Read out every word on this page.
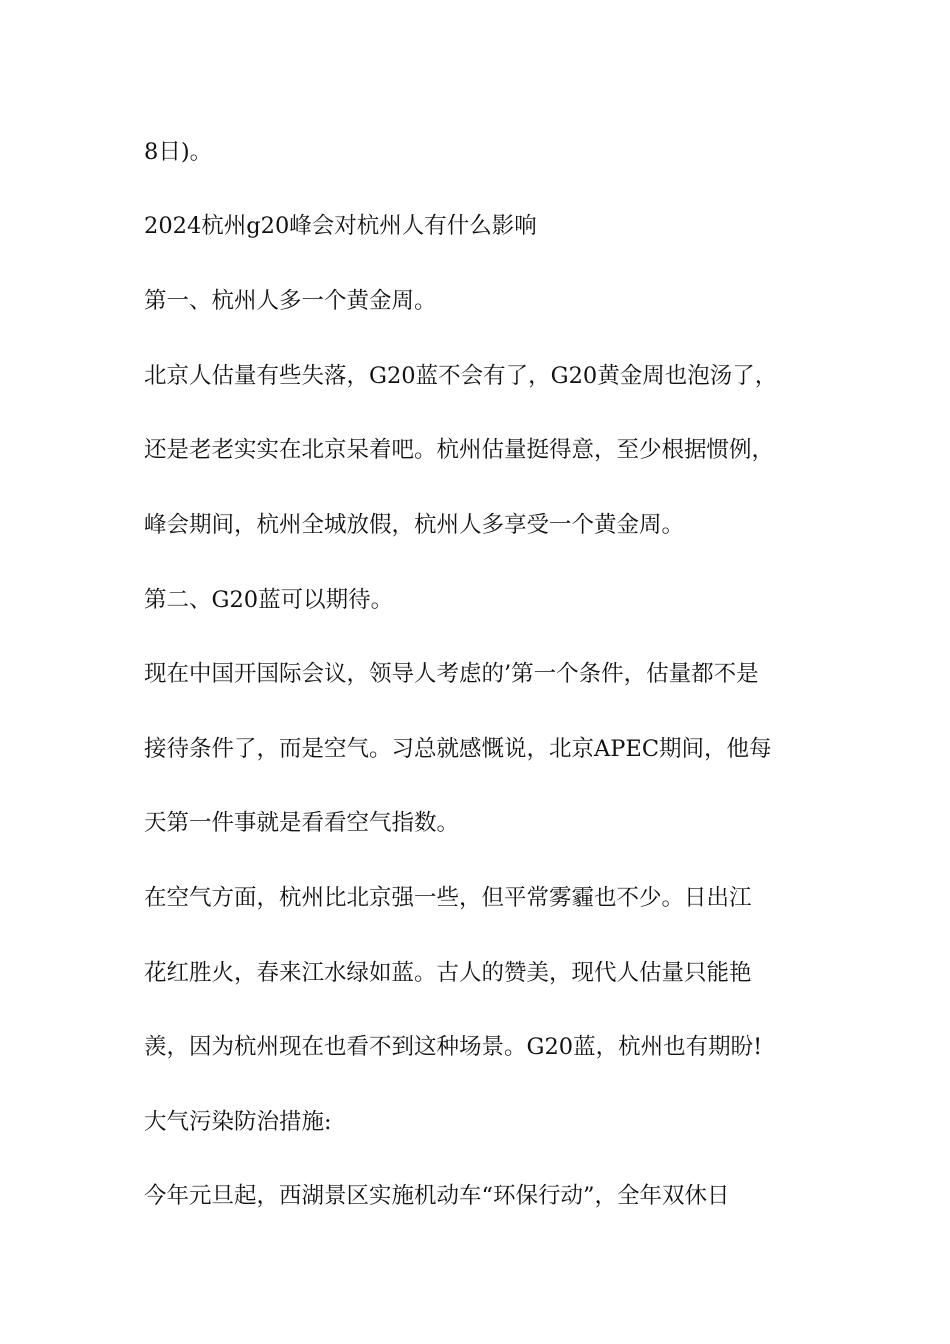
8日)。

2024杭州g20峰会对杭州人有什么影响

第一、杭州人多一个黄金周。

北京人估量有些失落，G20蓝不会有了，G20黄金周也泡汤了，

还是老老实实在北京呆着吧。杭州估量挺得意，至少根据惯例，

峰会期间，杭州全城放假，杭州人多享受一个黄金周。

第二、G20蓝可以期待。

现在中国开国际会议，领导人考虑的’第一个条件，估量都不是

接待条件了，而是空气。习总就感慨说，北京APEC期间，他每

天第一件事就是看看空气指数。

在空气方面，杭州比北京强一些，但平常雾霾也不少。日出江

花红胜火，春来江水绿如蓝。古人的赞美，现代人估量只能艳

羡，因为杭州现在也看不到这种场景。G20蓝，杭州也有期盼!

大气污染防治措施:

今年元旦起，西湖景区实施机动车“环保行动”，全年双休日
